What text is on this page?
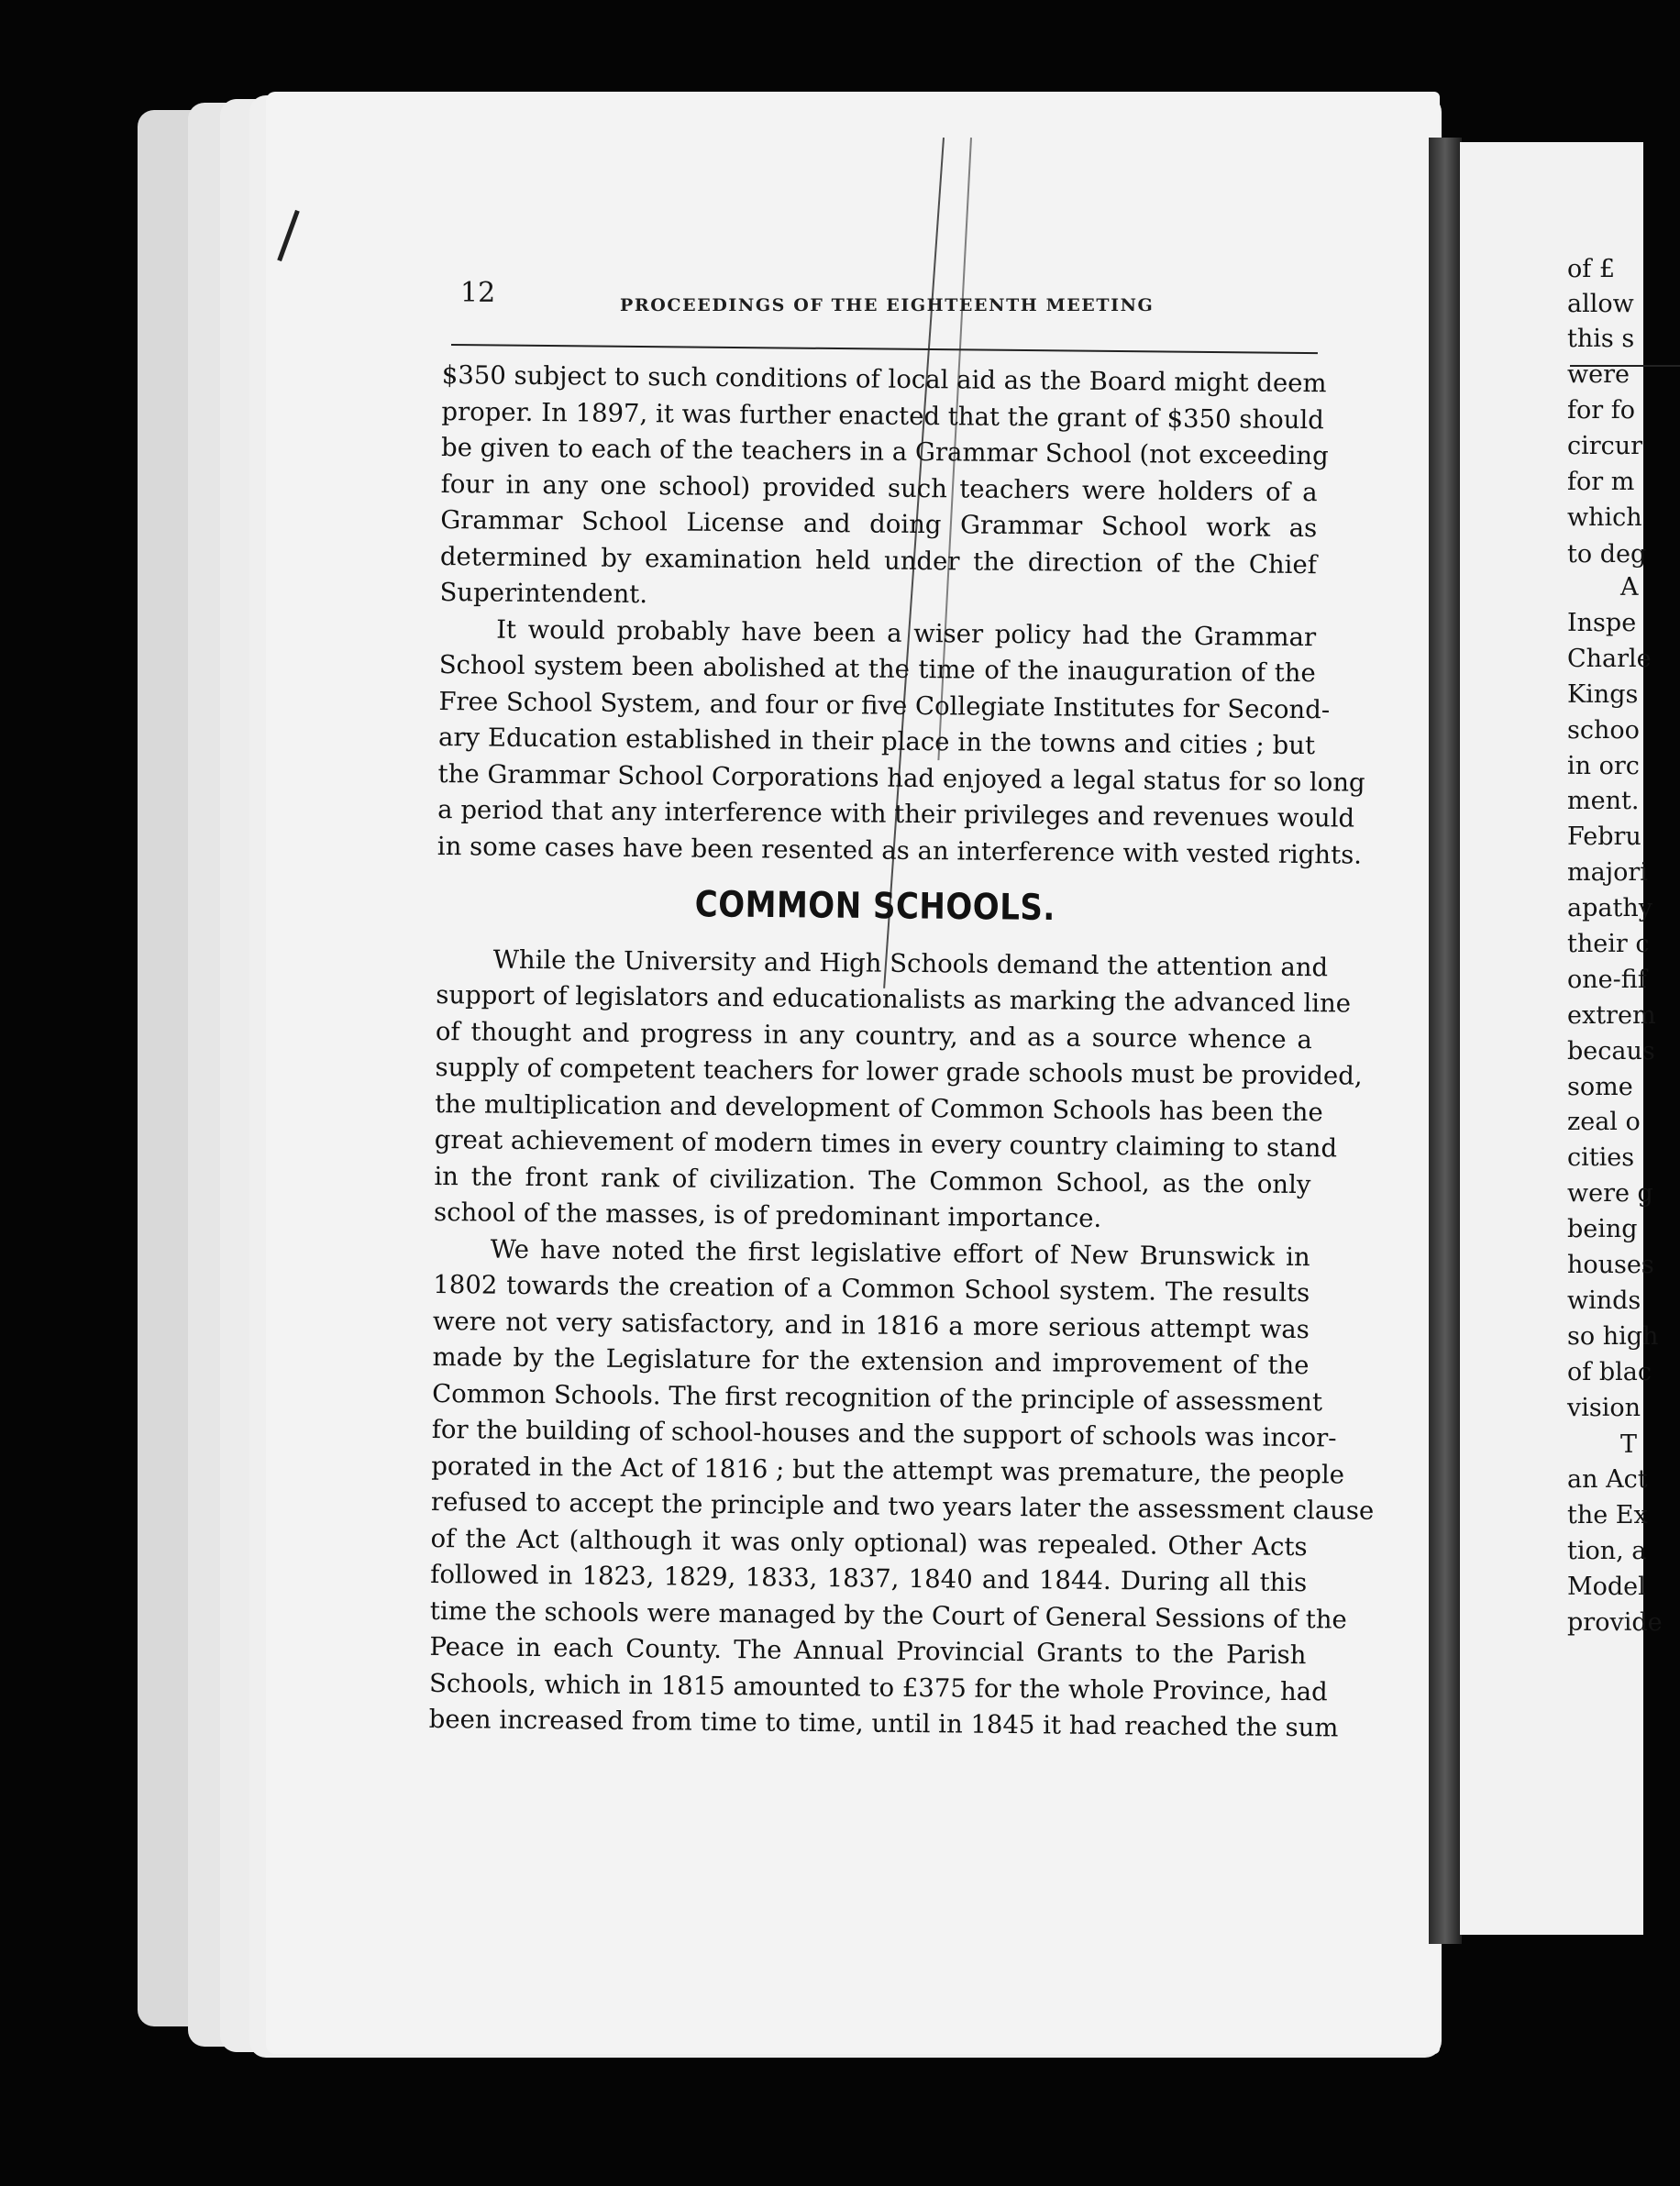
12	PROCEEDINGS OF THE EIGHTEENTH MEETING

$350 subject to such conditions of local aid as the Board might deem
proper. In 1897, it was further enacted that the grant of $350 should
be given to each of the teachers in a Grammar School (not exceeding
four in any one school) provided such teachers were holders of a
Grammar School License and doing Grammar School work as
determined by examination held under the direction of the Chief
Superintendent.

It would probably have been a wiser policy had the Grammar
School system been abolished at the time of the inauguration of the
Free School System, and four or five Collegiate Institutes for Second-
ary Education established in their place in the towns and cities ; but
the Grammar School Corporations had enjoyed a legal status for so long
a period that any interference with their privileges and revenues would
in some cases have been resented as an interference with vested rights.

COMMON SCHOOLS.

While the University and High Schools demand the attention and
support of legislators and educationalists as marking the advanced line
of thought and progress in any country, and as a source whence a
supply of competent teachers for lower grade schools must be provided,
the multiplication and development of Common Schools has been the
great achievement of modern times in every country claiming to stand
in the front rank of civilization. The Common School, as the only
school of the masses, is of predominant importance.

We have noted the first legislative effort of New Brunswick in
1802 towards the creation of a Common School system. The results
were not very satisfactory, and in 1816 a more serious attempt was
made by the Legislature for the extension and improvement of the
Common Schools. The first recognition of the principle of assessment
for the building of school-houses and the support of schools was incor-
porated in the Act of 1816 ; but the attempt was premature, the people
refused to accept the principle and two years later the assessment clause
of the Act (although it was only optional) was repealed. Other Acts
followed in 1823, 1829, 1833, 1837, 1840 and 1844. During all this
time the schools were managed by the Court of General Sessions of the
Peace in each County. The Annual Provincial Grants to the Parish
Schools, which in 1815 amounted to £375 for the whole Province, had
been increased from time to time, until in 1845 it had reached the sum

of £
allow
this s
were
for fo
circur
for m
which
to deg
A
Inspe
Charle
Kings
schoo
in orc
ment.
Febru
majori
apathy
their c
one-fif
extrem
becaus
some
zeal o
cities
were g
being
houses
winds
so high
of blac
vision
T
an Act
the Ex
tion, a
Model
provide
